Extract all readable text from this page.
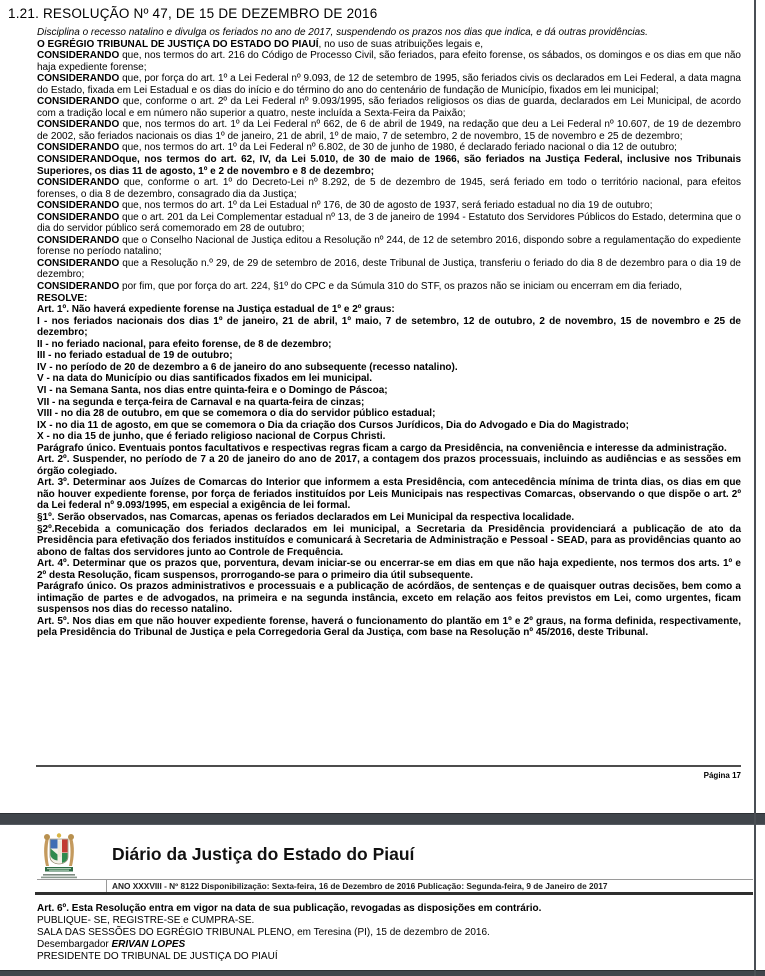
1.21. RESOLUÇÃO Nº 47, DE 15 DE DEZEMBRO DE 2016

Disciplina o recesso natalino e divulga os feriados no ano de 2017, suspendendo os prazos nos dias que indica, e dá outras providências.

O EGRÉGIO TRIBUNAL DE JUSTIÇA DO ESTADO DO PIAUÍ, no uso de suas atribuições legais e,

CONSIDERANDO que, nos termos do art. 216 do Código de Processo Civil, são feriados, para efeito forense, os sábados, os domingos e os dias em que não haja expediente forense;

CONSIDERANDO que, por força do art. 1º a Lei Federal nº 9.093, de 12 de setembro de 1995, são feriados civis os declarados em Lei Federal, a data magna do Estado, fixada em Lei Estadual e os dias do início e do término do ano do centenário de fundação de Município, fixados em lei municipal;

CONSIDERANDO que, conforme o art. 2º da Lei Federal nº 9.093/1995, são feriados religiosos os dias de guarda, declarados em Lei Municipal, de acordo com a tradição local e em número não superior a quatro, neste incluída a Sexta-Feira da Paixão;

CONSIDERANDO que, nos termos do art. 1º da Lei Federal nº 662, de 6 de abril de 1949, na redação que deu a Lei Federal nº 10.607, de 19 de dezembro de 2002, são feriados nacionais os dias 1º de janeiro, 21 de abril, 1º de maio, 7 de setembro, 2 de novembro, 15 de novembro e 25 de dezembro;

CONSIDERANDO que, nos termos do art. 1º da Lei Federal nº 6.802, de 30 de junho de 1980, é declarado feriado nacional o dia 12 de outubro;

CONSIDERANDOque, nos termos do art. 62, IV, da Lei 5.010, de 30 de maio de 1966, são feriados na Justiça Federal, inclusive nos Tribunais Superiores, os dias 11 de agosto, 1º e 2 de novembro e 8 de dezembro;

CONSIDERANDO que, conforme o art. 1º do Decreto-Lei nº 8.292, de 5 de dezembro de 1945, será feriado em todo o território nacional, para efeitos forenses, o dia 8 de dezembro, consagrado dia da Justiça;

CONSIDERANDO que, nos termos do art. 1º da Lei Estadual nº 176, de 30 de agosto de 1937, será feriado estadual no dia 19 de outubro;

CONSIDERANDO que o art. 201 da Lei Complementar estadual nº 13, de 3 de janeiro de 1994 - Estatuto dos Servidores Públicos do Estado, determina que o dia do servidor público será comemorado em 28 de outubro;

CONSIDERANDO que o Conselho Nacional de Justiça editou a Resolução nº 244, de 12 de setembro 2016, dispondo sobre a regulamentação do expediente forense no período natalino;

CONSIDERANDO que a Resolução n.º 29, de 29 de setembro de 2016, deste Tribunal de Justiça, transferiu o feriado do dia 8 de dezembro para o dia 19 de dezembro;

CONSIDERANDO por fim, que por força do art. 224, §1º do CPC e da Súmula 310 do STF, os prazos não se iniciam ou encerram em dia feriado,

RESOLVE:

Art. 1º. Não haverá expediente forense na Justiça estadual de 1º e 2º graus:

I - nos feriados nacionais dos dias 1º de janeiro, 21 de abril, 1º maio, 7 de setembro, 12 de outubro, 2 de novembro, 15 de novembro e 25 de dezembro;

II - no feriado nacional, para efeito forense, de 8 de dezembro;

III - no feriado estadual de 19 de outubro;

IV - no período de 20 de dezembro a 6 de janeiro do ano subsequente (recesso natalino).

V - na data do Município ou dias santificados fixados em lei municipal.

VI - na Semana Santa, nos dias entre quinta-feira e o Domingo de Páscoa;

VII - na segunda e terça-feira de Carnaval e na quarta-feira de cinzas;

VIII - no dia 28 de outubro, em que se comemora o dia do servidor público estadual;

IX - no dia 11 de agosto, em que se comemora o Dia da criação dos Cursos Jurídicos, Dia do Advogado e Dia do Magistrado;

X - no dia 15 de junho, que é feriado religioso nacional de Corpus Christi.

Parágrafo único. Eventuais pontos facultativos e respectivas regras ficam a cargo da Presidência, na conveniência e interesse da administração.

Art. 2º. Suspender, no período de 7 a 20 de janeiro do ano de 2017, a contagem dos prazos processuais, incluindo as audiências e as sessões em órgão colegiado.

Art. 3º. Determinar aos Juízes de Comarcas do Interior que informem a esta Presidência, com antecedência mínima de trinta dias, os dias em que não houver expediente forense, por força de feriados instituídos por Leis Municipais nas respectivas Comarcas, observando o que dispõe o art. 2º da Lei federal nº 9.093/1995, em especial a exigência de lei formal.

§1º. Serão observados, nas Comarcas, apenas os feriados declarados em Lei Municipal da respectiva localidade.

§2º.Recebida a comunicação dos feriados declarados em lei municipal, a Secretaria da Presidência providenciará a publicação de ato da Presidência para efetivação dos feriados instituídos e comunicará à Secretaria de Administração e Pessoal - SEAD, para as providências quanto ao abono de faltas dos servidores junto ao Controle de Frequência.

Art. 4º. Determinar que os prazos que, porventura, devam iniciar-se ou encerrar-se em dias em que não haja expediente, nos termos dos arts. 1º e 2º desta Resolução, ficam suspensos, prorrogando-se para o primeiro dia útil subsequente.

Parágrafo único. Os prazos administrativos e processuais e a publicação de acórdãos, de sentenças e de quaisquer outras decisões, bem como a intimação de partes e de advogados, na primeira e na segunda instância, exceto em relação aos feitos previstos em Lei, como urgentes, ficam suspensos nos dias do recesso natalino.

Art. 5º. Nos dias em que não houver expediente forense, haverá o funcionamento do plantão em 1º e 2º graus, na forma definida, respectivamente, pela Presidência do Tribunal de Justiça e pela Corregedoria Geral da Justiça, com base na Resolução nº 45/2016, deste Tribunal.

Página 17
Diário da Justiça do Estado do Piauí
ANO XXXVIII - Nº 8122 Disponibilização: Sexta-feira, 16 de Dezembro de 2016 Publicação: Segunda-feira, 9 de Janeiro de 2017

Art. 6º. Esta Resolução entra em vigor na data de sua publicação, revogadas as disposições em contrário.

PUBLIQUE- SE, REGISTRE-SE e CUMPRA-SE.

SALA DAS SESSÕES DO EGRÉGIO TRIBUNAL PLENO, em Teresina (PI), 15 de dezembro de 2016.

Desembargador ERIVAN LOPES

PRESIDENTE DO TRIBUNAL DE JUSTIÇA DO PIAUÍ
